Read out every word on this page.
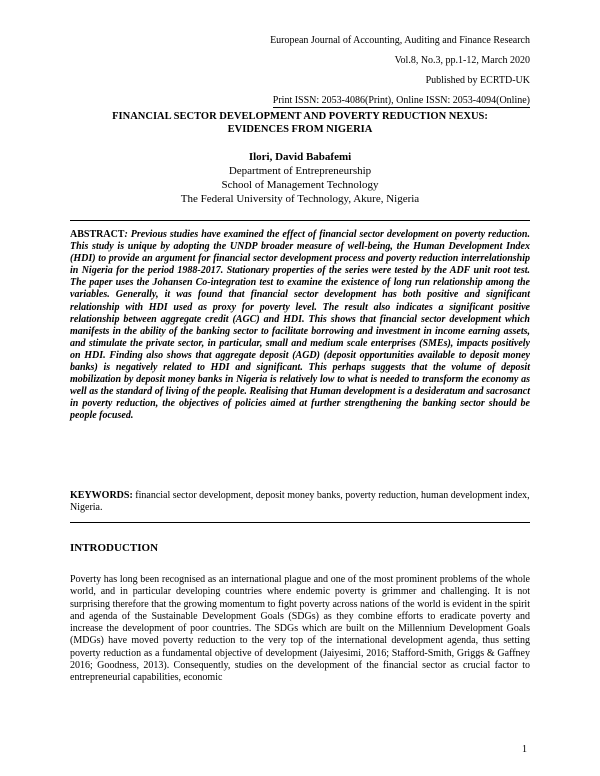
European Journal of Accounting, Auditing and Finance Research
Vol.8, No.3, pp.1-12, March 2020
Published by ECRTD-UK
Print ISSN: 2053-4086(Print), Online ISSN: 2053-4094(Online)
FINANCIAL SECTOR DEVELOPMENT AND POVERTY REDUCTION NEXUS:
EVIDENCES FROM NIGERIA
Ilori, David Babafemi
Department of Entrepreneurship
School of Management Technology
The Federal University of Technology, Akure, Nigeria
ABSTRACT: Previous studies have examined the effect of financial sector development on poverty reduction. This study is unique by adopting the UNDP broader measure of well-being, the Human Development Index (HDI) to provide an argument for financial sector development process and poverty reduction interrelationship in Nigeria for the period 1988-2017. Stationary properties of the series were tested by the ADF unit root test. The paper uses the Johansen Co-integration test to examine the existence of long run relationship among the variables. Generally, it was found that financial sector development has both positive and significant relationship with HDI used as proxy for poverty level. The result also indicates a significant positive relationship between aggregate credit (AGC) and HDI. This shows that financial sector development which manifests in the ability of the banking sector to facilitate borrowing and investment in income earning assets, and stimulate the private sector, in particular, small and medium scale enterprises (SMEs), impacts positively on HDI. Finding also shows that aggregate deposit (AGD) (deposit opportunities available to deposit money banks) is negatively related to HDI and significant. This perhaps suggests that the volume of deposit mobilization by deposit money banks in Nigeria is relatively low to what is needed to transform the economy as well as the standard of living of the people. Realising that Human development is a desideratum and sacrosanct in poverty reduction, the objectives of policies aimed at further strengthening the banking sector should be people focused.
KEYWORDS: financial sector development, deposit money banks, poverty reduction, human development index, Nigeria.
INTRODUCTION
Poverty has long been recognised as an international plague and one of the most prominent problems of the whole world, and in particular developing countries where endemic poverty is grimmer and challenging. It is not surprising therefore that the growing momentum to fight poverty across nations of the world is evident in the spirit and agenda of the Sustainable Development Goals (SDGs) as they combine efforts to eradicate poverty and increase the development of poor countries. The SDGs which are built on the Millennium Development Goals (MDGs) have moved poverty reduction to the very top of the international development agenda, thus setting poverty reduction as a fundamental objective of development (Jaiyesimi, 2016; Stafford-Smith, Griggs & Gaffney 2016; Goodness, 2013). Consequently, studies on the development of the financial sector as crucial factor to entrepreneurial capabilities, economic
1
